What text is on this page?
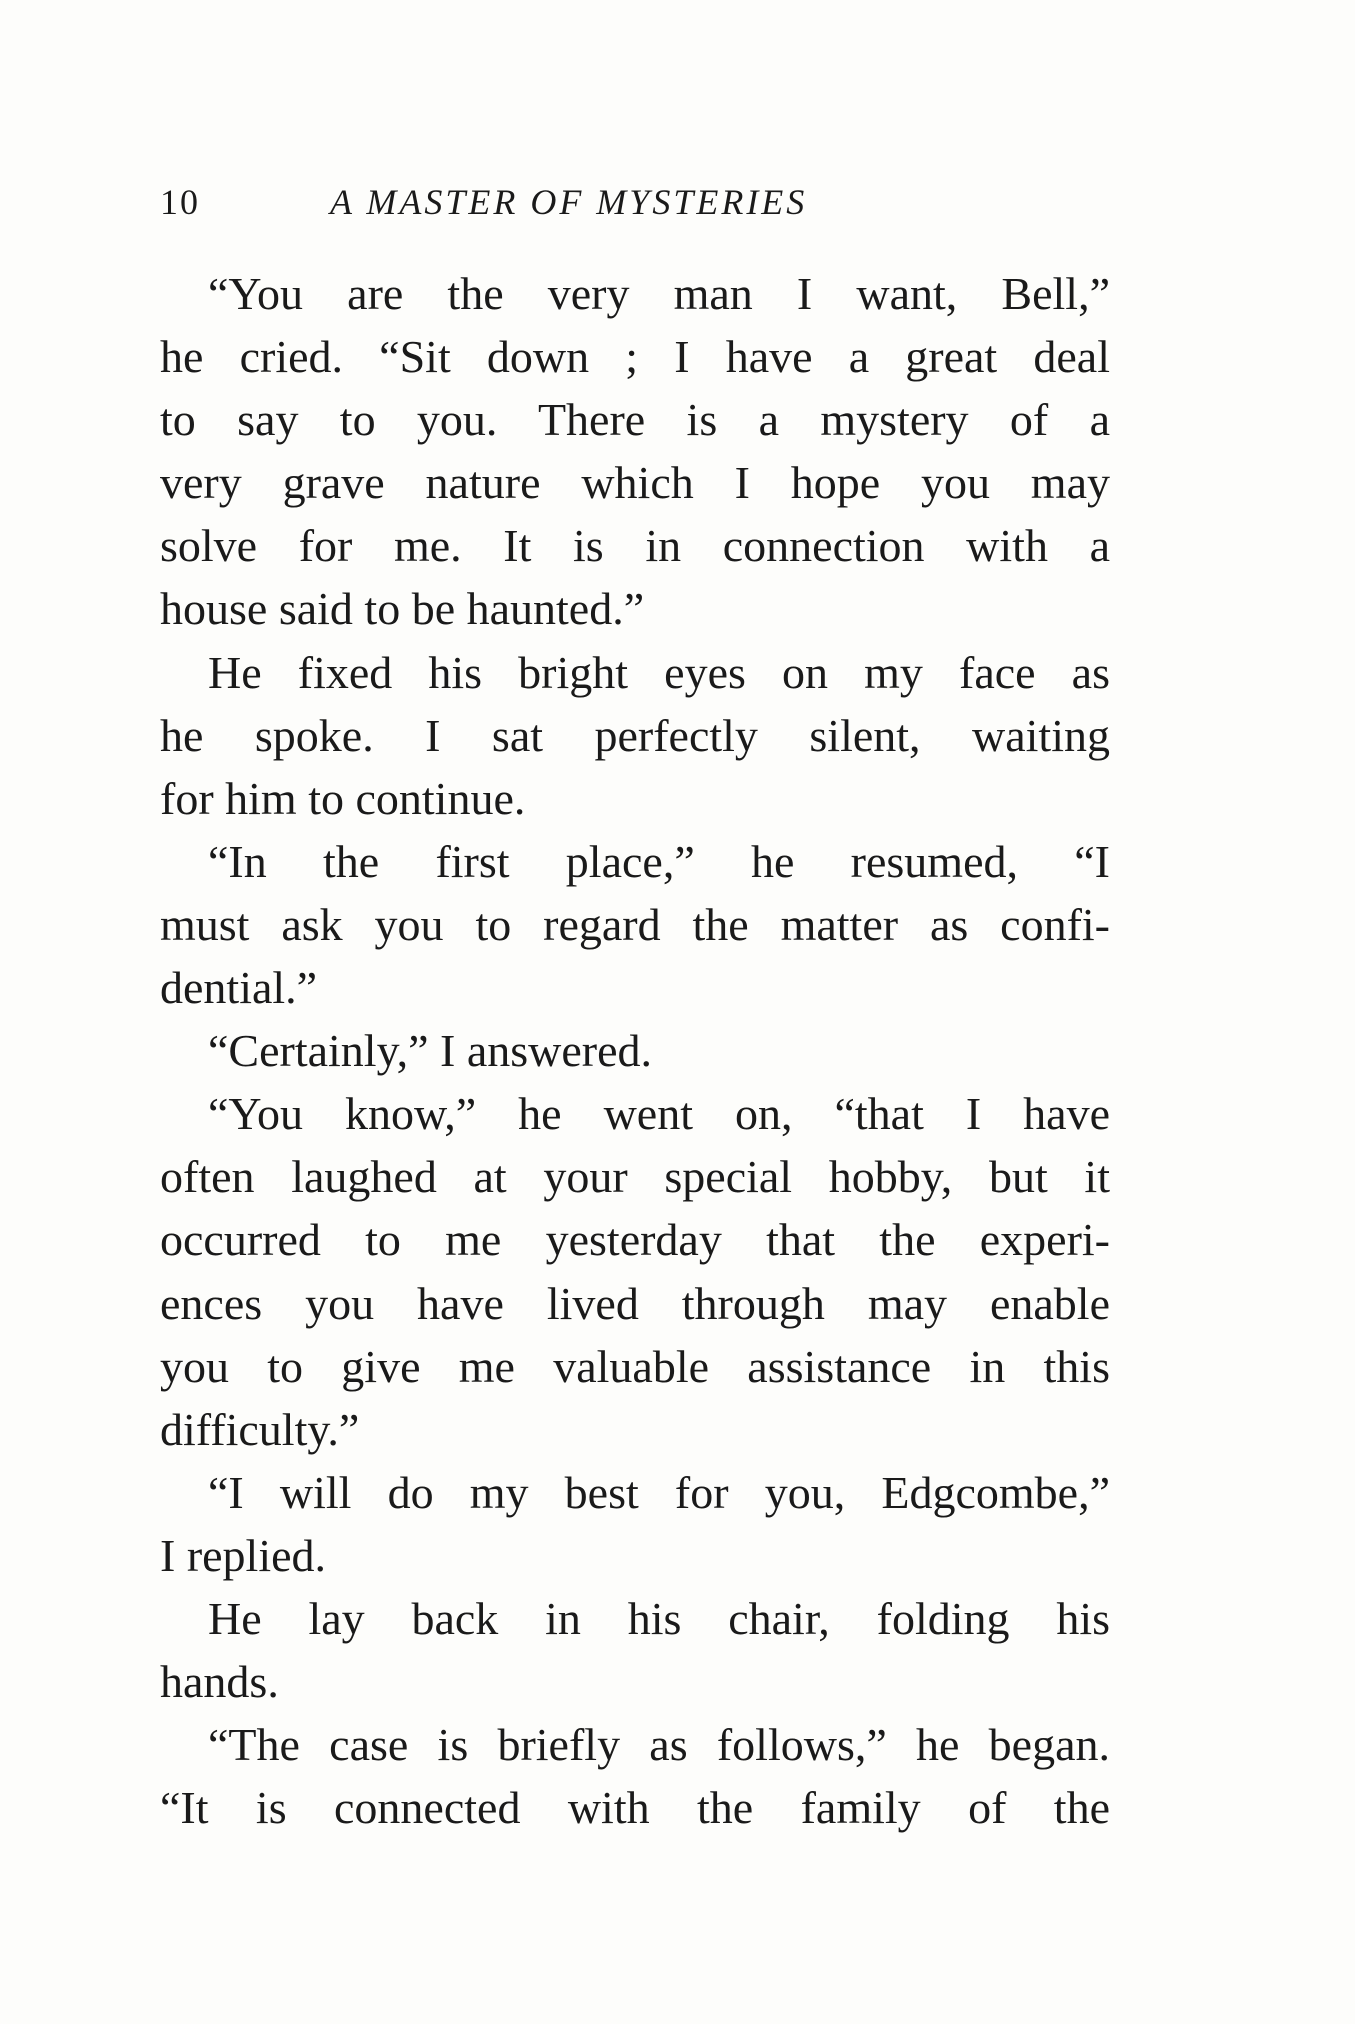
10	A MASTER OF MYSTERIES
“You are the very man I want, Bell,”
he cried. “Sit down ; I have a great deal
to say to you. There is a mystery of a
very grave nature which I hope you may
solve for me. It is in connection with a
house said to be haunted.”
He fixed his bright eyes on my face as
he spoke. I sat perfectly silent, waiting
for him to continue.
“In the first place,” he resumed, “I
must ask you to regard the matter as confi-
dential.”
“Certainly,” I answered.
“You know,” he went on, “that I have
often laughed at your special hobby, but it
occurred to me yesterday that the experi-
ences you have lived through may enable
you to give me valuable assistance in this
difficulty.”
“I will do my best for you, Edgcombe,”
I replied.
He lay back in his chair, folding his
hands.
“The case is briefly as follows,” he began.
“It is connected with the family of the
